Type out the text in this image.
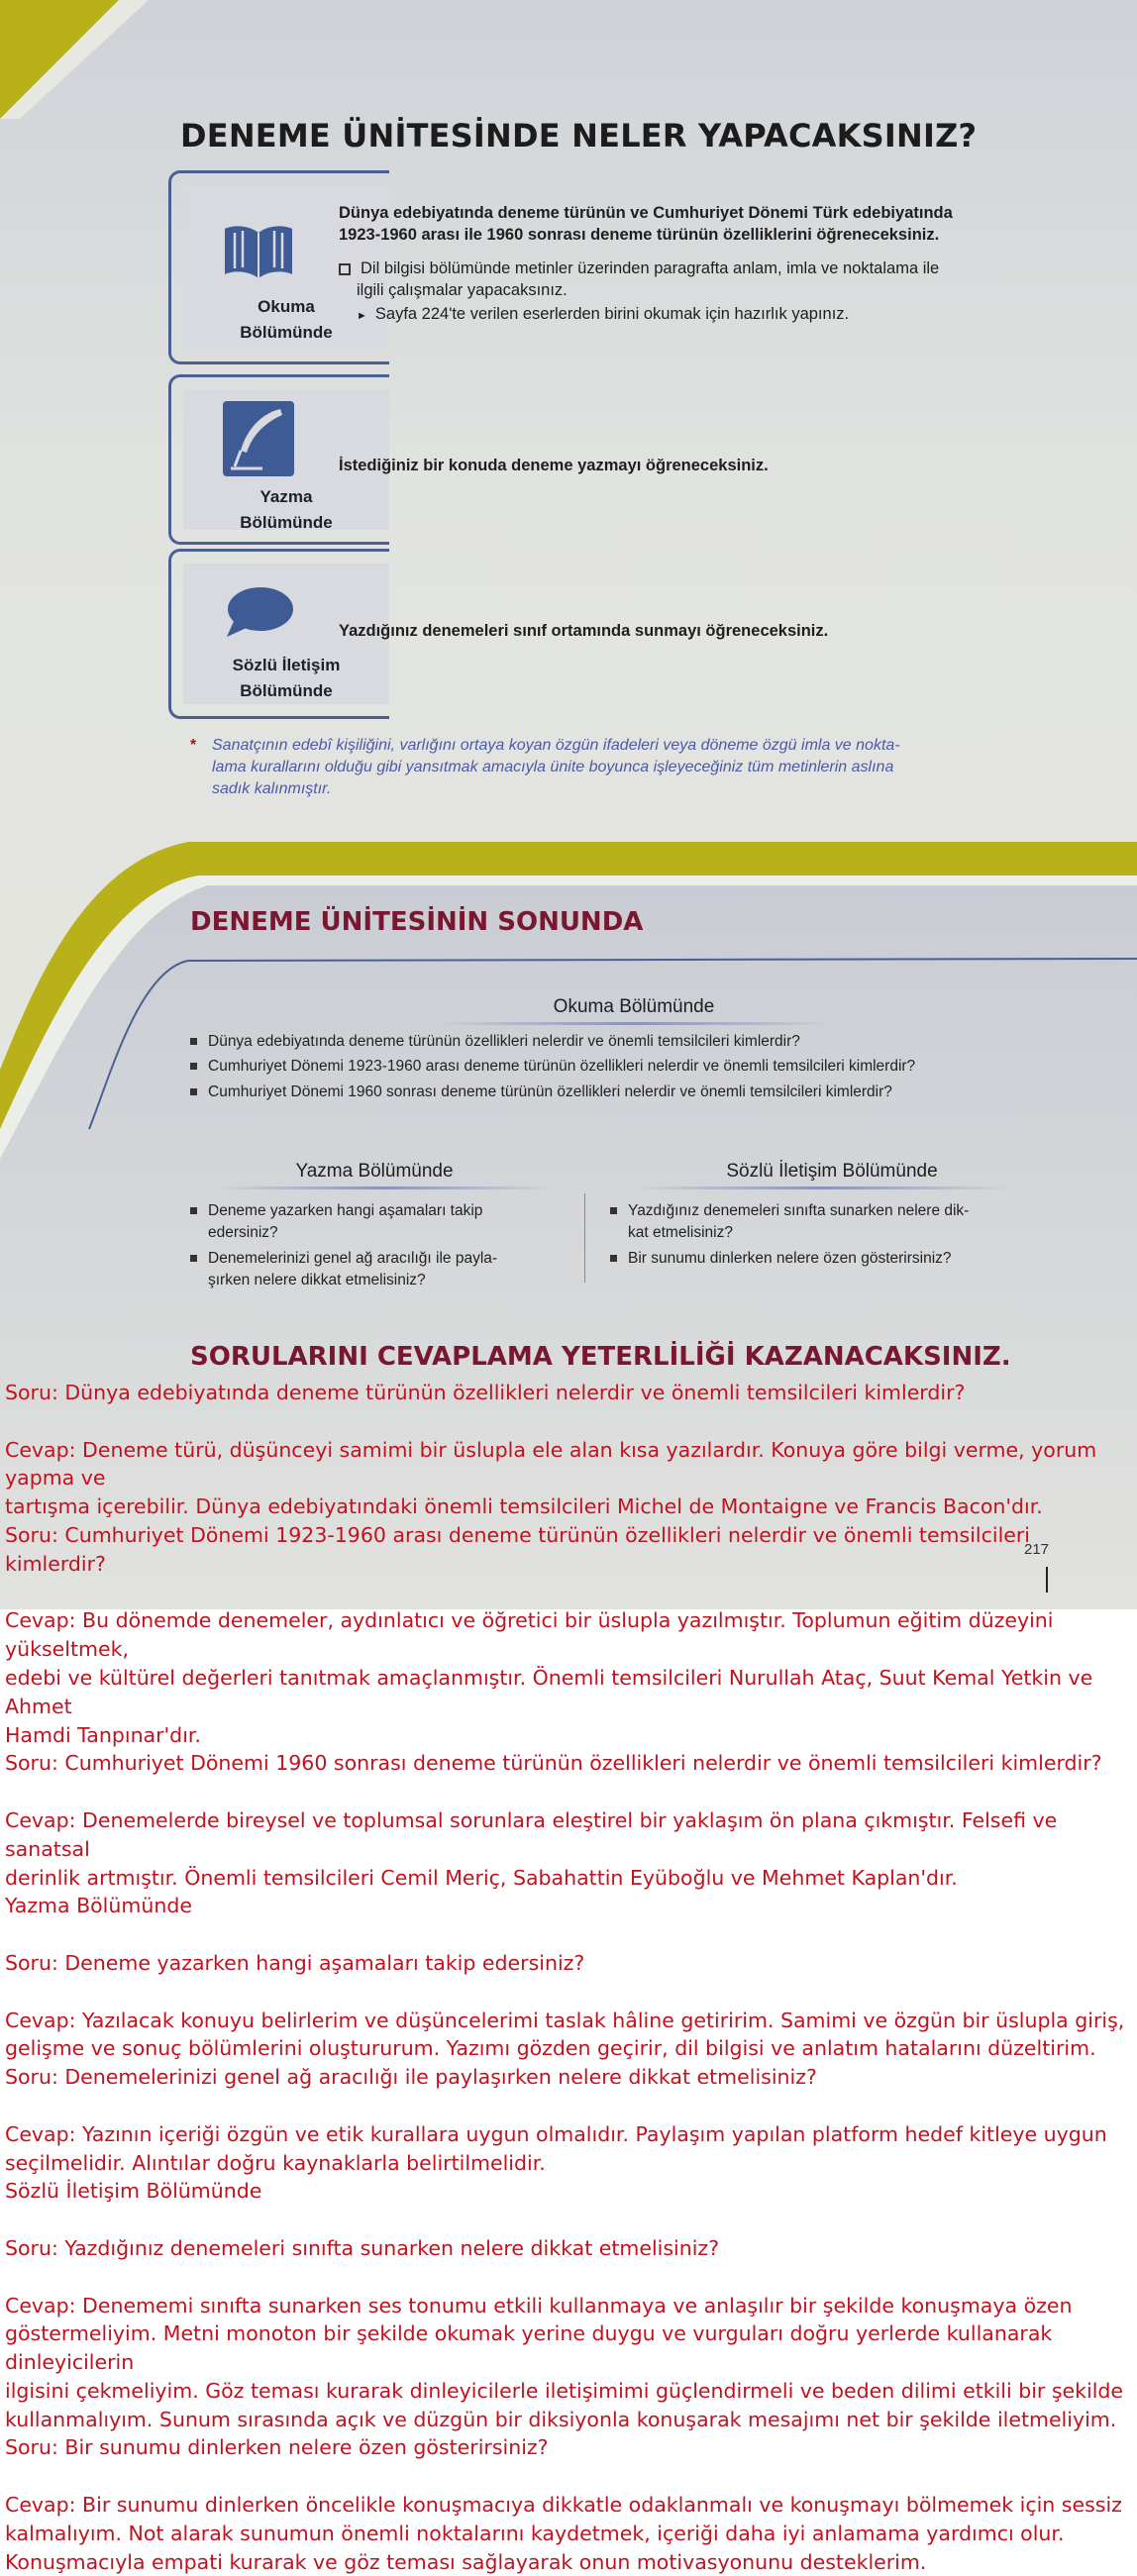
DENEME ÜNİTESİNDE NELER YAPACAKSINIZ?
Okuma
Bölümünde
Dünya edebiyatında deneme türünün ve Cumhuriyet Dönemi Türk edebiyatında
1923-1960 arası ile 1960 sonrası deneme türünün özelliklerini öğreneceksiniz.
Dil bilgisi bölümünde metinler üzerinden paragrafta anlam, imla ve noktalama ile
ilgili çalışmalar yapacaksınız.
► Sayfa 224'te verilen eserlerden birini okumak için hazırlık yapınız.
Yazma
Bölümünde
İstediğiniz bir konuda deneme yazmayı öğreneceksiniz.
Sözlü İletişim
Bölümünde
Yazdığınız denemeleri sınıf ortamında sunmayı öğreneceksiniz.
* Sanatçının edebî kişiliğini, varlığını ortaya koyan özgün ifadeleri veya döneme özgü imla ve nokta-
lama kurallarını olduğu gibi yansıtmak amacıyla ünite boyunca işleyeceğiniz tüm metinlerin aslına
sadık kalınmıştır.
DENEME ÜNİTESİNİN SONUNDA
Okuma Bölümünde
Dünya edebiyatında deneme türünün özellikleri nelerdir ve önemli temsilcileri kimlerdir?
Cumhuriyet Dönemi 1923-1960 arası deneme türünün özellikleri nelerdir ve önemli temsilcileri kimlerdir?
Cumhuriyet Dönemi 1960 sonrası deneme türünün özellikleri nelerdir ve önemli temsilcileri kimlerdir?
Yazma Bölümünde
Deneme yazarken hangi aşamaları takip
edersiniz?
Denemelerinizi genel ağ aracılığı ile payla-
şırken nelere dikkat etmelisiniz?
Sözlü İletişim Bölümünde
Yazdığınız denemeleri sınıfta sunarken nelere dik-
kat etmelisiniz?
Bir sunumu dinlerken nelere özen gösterirsiniz?
SORULARINI CEVAPLAMA YETERLİLİĞİ KAZANACAKSINIZ.
217

Soru: Dünya edebiyatında deneme türünün özellikleri nelerdir ve önemli temsilcileri kimlerdir?

Cevap: Deneme türü, düşünceyi samimi bir üslupla ele alan kısa yazılardır. Konuya göre bilgi verme, yorum yapma ve

tartışma içerebilir. Dünya edebiyatındaki önemli temsilcileri Michel de Montaigne ve Francis Bacon'dır.

Soru: Cumhuriyet Dönemi 1923-1960 arası deneme türünün özellikleri nelerdir ve önemli temsilcileri kimlerdir?

Cevap: Bu dönemde denemeler, aydınlatıcı ve öğretici bir üslupla yazılmıştır. Toplumun eğitim düzeyini yükseltmek,

edebi ve kültürel değerleri tanıtmak amaçlanmıştır. Önemli temsilcileri Nurullah Ataç, Suut Kemal Yetkin ve Ahmet

Hamdi Tanpınar'dır.

Soru: Cumhuriyet Dönemi 1960 sonrası deneme türünün özellikleri nelerdir ve önemli temsilcileri kimlerdir?

Cevap: Denemelerde bireysel ve toplumsal sorunlara eleştirel bir yaklaşım ön plana çıkmıştır. Felsefi ve sanatsal

derinlik artmıştır. Önemli temsilcileri Cemil Meriç, Sabahattin Eyüboğlu ve Mehmet Kaplan'dır.

Yazma Bölümünde

Soru: Deneme yazarken hangi aşamaları takip edersiniz?

Cevap: Yazılacak konuyu belirlerim ve düşüncelerimi taslak hâline getiririm. Samimi ve özgün bir üslupla giriş,

gelişme ve sonuç bölümlerini oluştururum. Yazımı gözden geçirir, dil bilgisi ve anlatım hatalarını düzeltirim.

Soru: Denemelerinizi genel ağ aracılığı ile paylaşırken nelere dikkat etmelisiniz?

Cevap: Yazının içeriği özgün ve etik kurallara uygun olmalıdır. Paylaşım yapılan platform hedef kitleye uygun

seçilmelidir. Alıntılar doğru kaynaklarla belirtilmelidir.

Sözlü İletişim Bölümünde

Soru: Yazdığınız denemeleri sınıfta sunarken nelere dikkat etmelisiniz?

Cevap: Denememi sınıfta sunarken ses tonumu etkili kullanmaya ve anlaşılır bir şekilde konuşmaya özen

göstermeliyim. Metni monoton bir şekilde okumak yerine duygu ve vurguları doğru yerlerde kullanarak dinleyicilerin

ilgisini çekmeliyim. Göz teması kurarak dinleyicilerle iletişimimi güçlendirmeli ve beden dilimi etkili bir şekilde

kullanmalıyım. Sunum sırasında açık ve düzgün bir diksiyonla konuşarak mesajımı net bir şekilde iletmeliyim.

Soru: Bir sunumu dinlerken nelere özen gösterirsiniz?

Cevap: Bir sunumu dinlerken öncelikle konuşmacıya dikkatle odaklanmalı ve konuşmayı bölmemek için sessiz

kalmalıyım. Not alarak sunumun önemli noktalarını kaydetmek, içeriği daha iyi anlamama yardımcı olur.

Konuşmacıyla empati kurarak ve göz teması sağlayarak onun motivasyonunu desteklerim.
